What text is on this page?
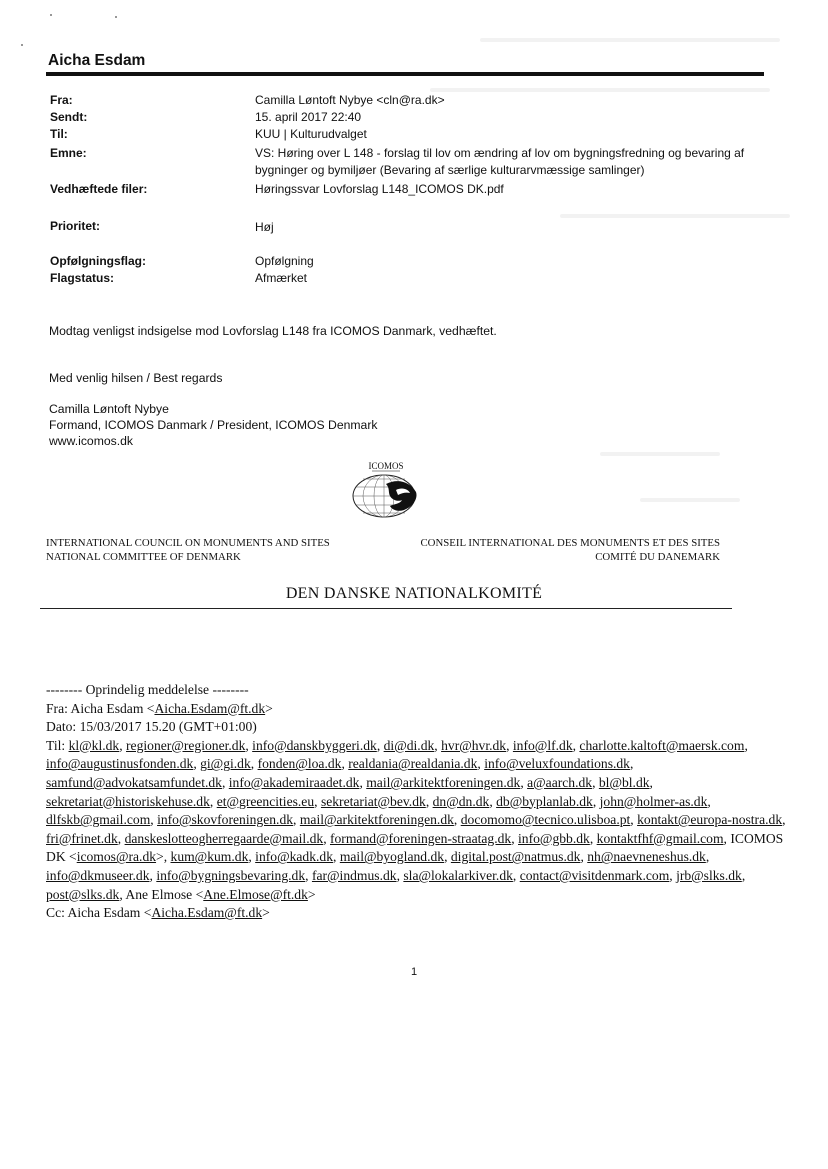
Aicha Esdam
Fra:	Camilla Løntoft Nybye <cln@ra.dk>
Sendt:	15. april 2017 22:40
Til:	KUU | Kulturudvalget
Emne:	VS: Høring over L 148 - forslag til lov om ændring af lov om bygningsfredning og bevaring af bygninger og bymiljøer (Bevaring af særlige kulturarvmæssige samlinger)
Vedhæftede filer:	Høringssvar Lovforslag L148_ICOMOS DK.pdf
Prioritet:	Høj
Opfølgningsflag:	Opfølgning
Flagstatus:	Afmærket
Modtag venligst indsigelse mod Lovforslag L148 fra ICOMOS Danmark, vedhæftet.
Med venlig hilsen / Best regards
Camilla Løntoft Nybye
Formand, ICOMOS Danmark / President, ICOMOS Denmark
www.icomos.dk
ICOMOS
INTERNATIONAL COUNCIL ON MONUMENTS AND SITES
NATIONAL COMMITTEE OF DENMARK
CONSEIL INTERNATIONAL DES MONUMENTS ET DES SITES
COMITÉ DU DANEMARK
DEN DANSKE NATIONALKOMITÉ
-------- Oprindelig meddelelse --------
Fra: Aicha Esdam <Aicha.Esdam@ft.dk>
Dato: 15/03/2017 15.20 (GMT+01:00)
Til: kl@kl.dk, regioner@regioner.dk, info@danskbyggeri.dk, di@di.dk, hvr@hvr.dk, info@lf.dk, charlotte.kaltoft@maersk.com, info@augustinusfonden.dk, gi@gi.dk, fonden@loa.dk, realdania@realdania.dk, info@veluxfoundations.dk, samfund@advokatsamfundet.dk, info@akademiraadet.dk, mail@arkitektforeningen.dk, a@aarch.dk, bl@bl.dk, sekretariat@historiskehuse.dk, et@greencities.eu, sekretariat@bev.dk, dn@dn.dk, db@byplanlab.dk, john@holmer-as.dk, dlfskb@gmail.com, info@skovforeningen.dk, mail@arkitektforeningen.dk, docomomo@tecnico.ulisboa.pt, kontakt@europa-nostra.dk, fri@frinet.dk, danskeslotteogherregaarde@mail.dk, formand@foreningen-straatag.dk, info@gbb.dk, kontaktfhf@gmail.com, ICOMOS DK <icomos@ra.dk>, kum@kum.dk, info@kadk.dk, mail@byogland.dk, digital.post@natmus.dk, nh@naevneneshus.dk, info@dkmuseer.dk, info@bygningsbevaring.dk, far@indmus.dk, sla@lokalarkiver.dk, contact@visitdenmark.com, jrb@slks.dk, post@slks.dk, Ane Elmose <Ane.Elmose@ft.dk>
Cc: Aicha Esdam <Aicha.Esdam@ft.dk>
1
